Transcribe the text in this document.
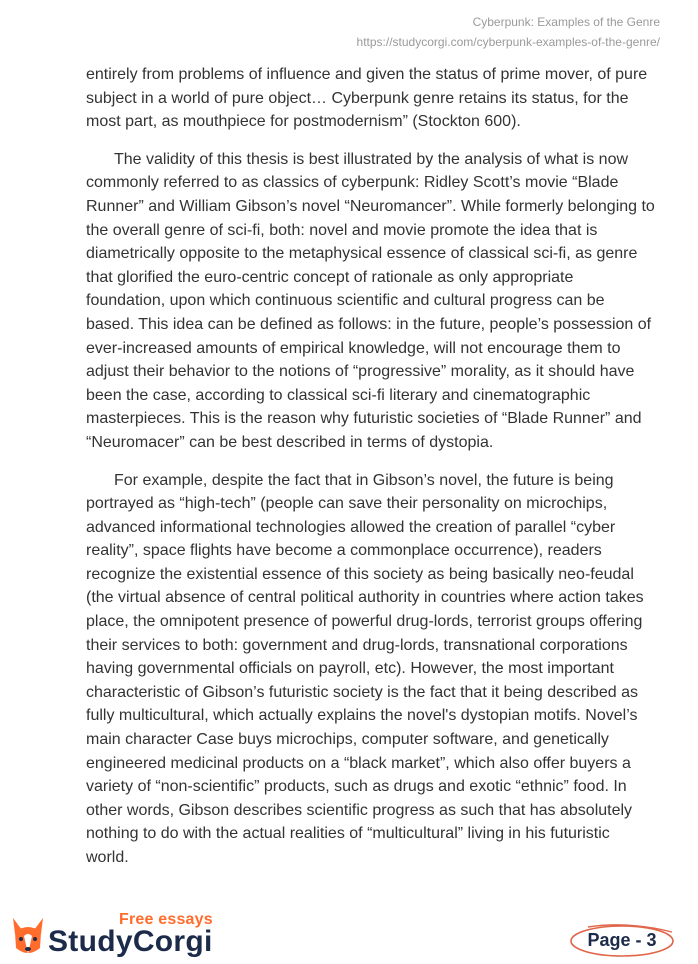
Cyberpunk: Examples of the Genre
https://studycorgi.com/cyberpunk-examples-of-the-genre/

entirely from problems of influence and given the status of prime mover, of pure subject in a world of pure object… Cyberpunk genre retains its status, for the most part, as mouthpiece for postmodernism” (Stockton 600).

The validity of this thesis is best illustrated by the analysis of what is now commonly referred to as classics of cyberpunk: Ridley Scott’s movie “Blade Runner” and William Gibson’s novel “Neuromancer”. While formerly belonging to the overall genre of sci-fi, both: novel and movie promote the idea that is diametrically opposite to the metaphysical essence of classical sci-fi, as genre that glorified the euro-centric concept of rationale as only appropriate foundation, upon which continuous scientific and cultural progress can be based. This idea can be defined as follows: in the future, people’s possession of ever-increased amounts of empirical knowledge, will not encourage them to adjust their behavior to the notions of “progressive” morality, as it should have been the case, according to classical sci-fi literary and cinematographic masterpieces. This is the reason why futuristic societies of “Blade Runner” and “Neuromacer” can be best described in terms of dystopia.

For example, despite the fact that in Gibson’s novel, the future is being portrayed as “high-tech” (people can save their personality on microchips, advanced informational technologies allowed the creation of parallel “cyber reality”, space flights have become a commonplace occurrence), readers recognize the existential essence of this society as being basically neo-feudal (the virtual absence of central political authority in countries where action takes place, the omnipotent presence of powerful drug-lords, terrorist groups offering their services to both: government and drug-lords, transnational corporations having governmental officials on payroll, etc). However, the most important characteristic of Gibson’s futuristic society is the fact that it being described as fully multicultural, which actually explains the novel's dystopian motifs. Novel’s main character Case buys microchips, computer software, and genetically engineered medicinal products on a “black market”, which also offer buyers a variety of “non-scientific” products, such as drugs and exotic “ethnic” food. In other words, Gibson describes scientific progress as such that has absolutely nothing to do with the actual realities of “multicultural” living in his futuristic world.

Free essays
StudyCorgi	Page - 3
